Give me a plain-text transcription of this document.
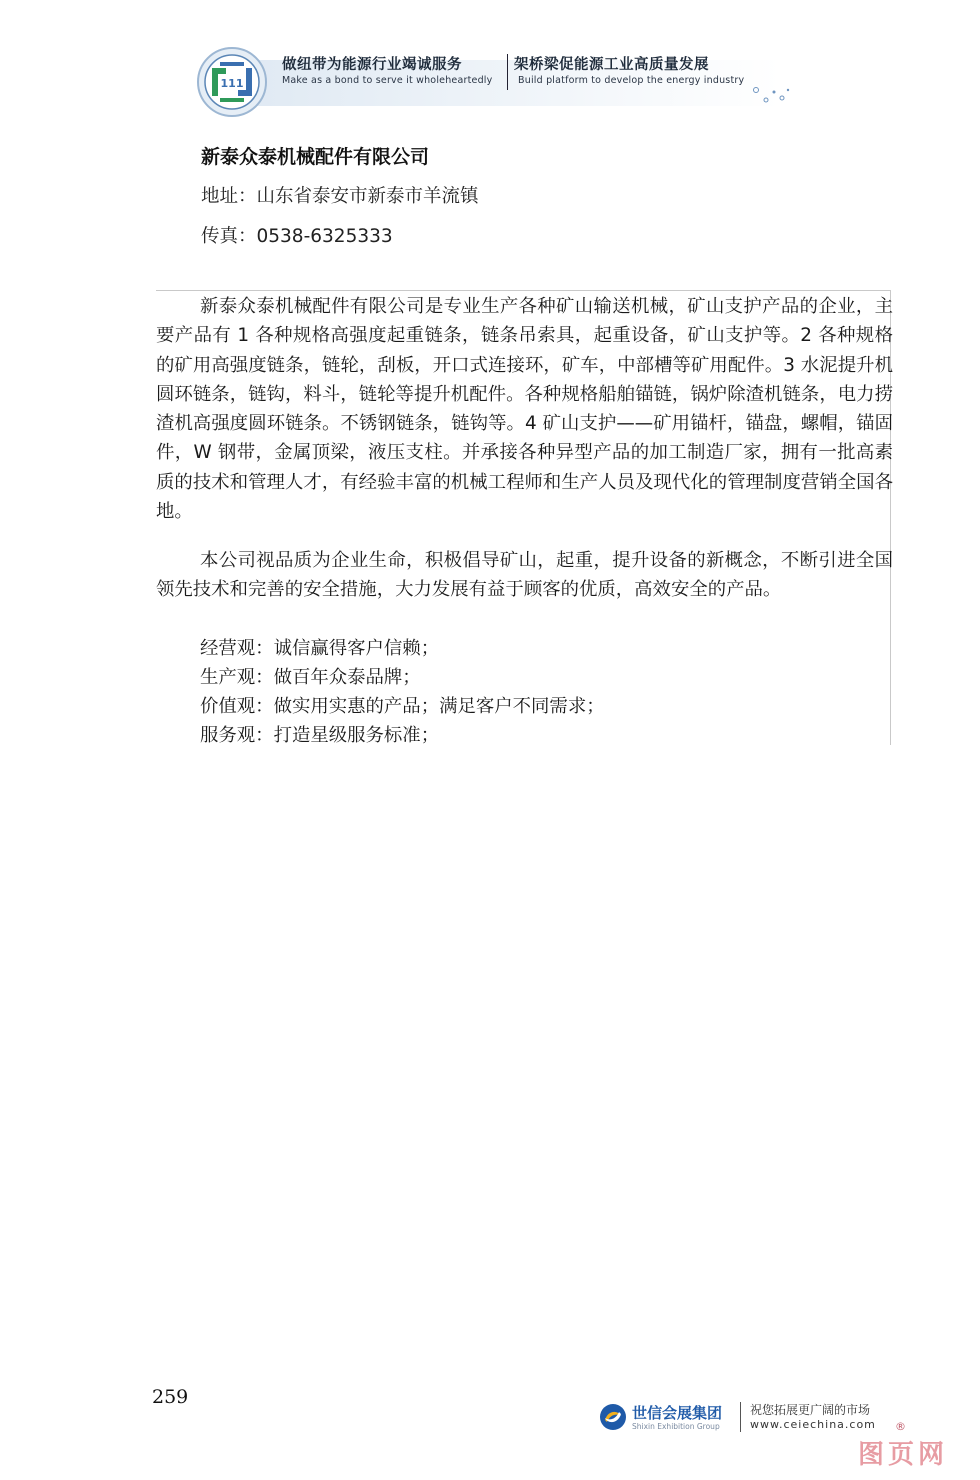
111
做纽带为能源行业竭诚服务	架桥梁促能源工业高质量发展
Make as a bond to serve it wholeheartedly	Build platform to develop the energy industry
新泰众泰机械配件有限公司
地址：山东省泰安市新泰市羊流镇
传真：0538-6325333

新泰众泰机械配件有限公司是专业生产各种矿山输送机械，矿山支护产品的企业，主要产品有 1 各种规格高强度起重链条，链条吊索具，起重设备，矿山支护等。2 各种规格的矿用高强度链条，链轮，刮板，开口式连接环，矿车，中部槽等矿用配件。3 水泥提升机圆环链条，链钩，料斗，链轮等提升机配件。各种规格船舶锚链，锅炉除渣机链条，电力捞渣机高强度圆环链条。不锈钢链条，链钩等。4 矿山支护——矿用锚杆，锚盘，螺帽，锚固件，W 钢带，金属顶梁，液压支柱。并承接各种异型产品的加工制造厂家，拥有一批高素质的技术和管理人才，有经验丰富的机械工程师和生产人员及现代化的管理制度营销全国各地。

本公司视品质为企业生命，积极倡导矿山，起重，提升设备的新概念，不断引进全国领先技术和完善的安全措施，大力发展有益于顾客的优质，高效安全的产品。

经营观：诚信赢得客户信赖；
生产观：做百年众泰品牌；
价值观：做实用实惠的产品；满足客户不同需求；
服务观：打造星级服务标准；
259
世信会展集团
Shixin Exhibition Group
祝您拓展更广阔的市场
www.ceiechina.com ®
图页网
